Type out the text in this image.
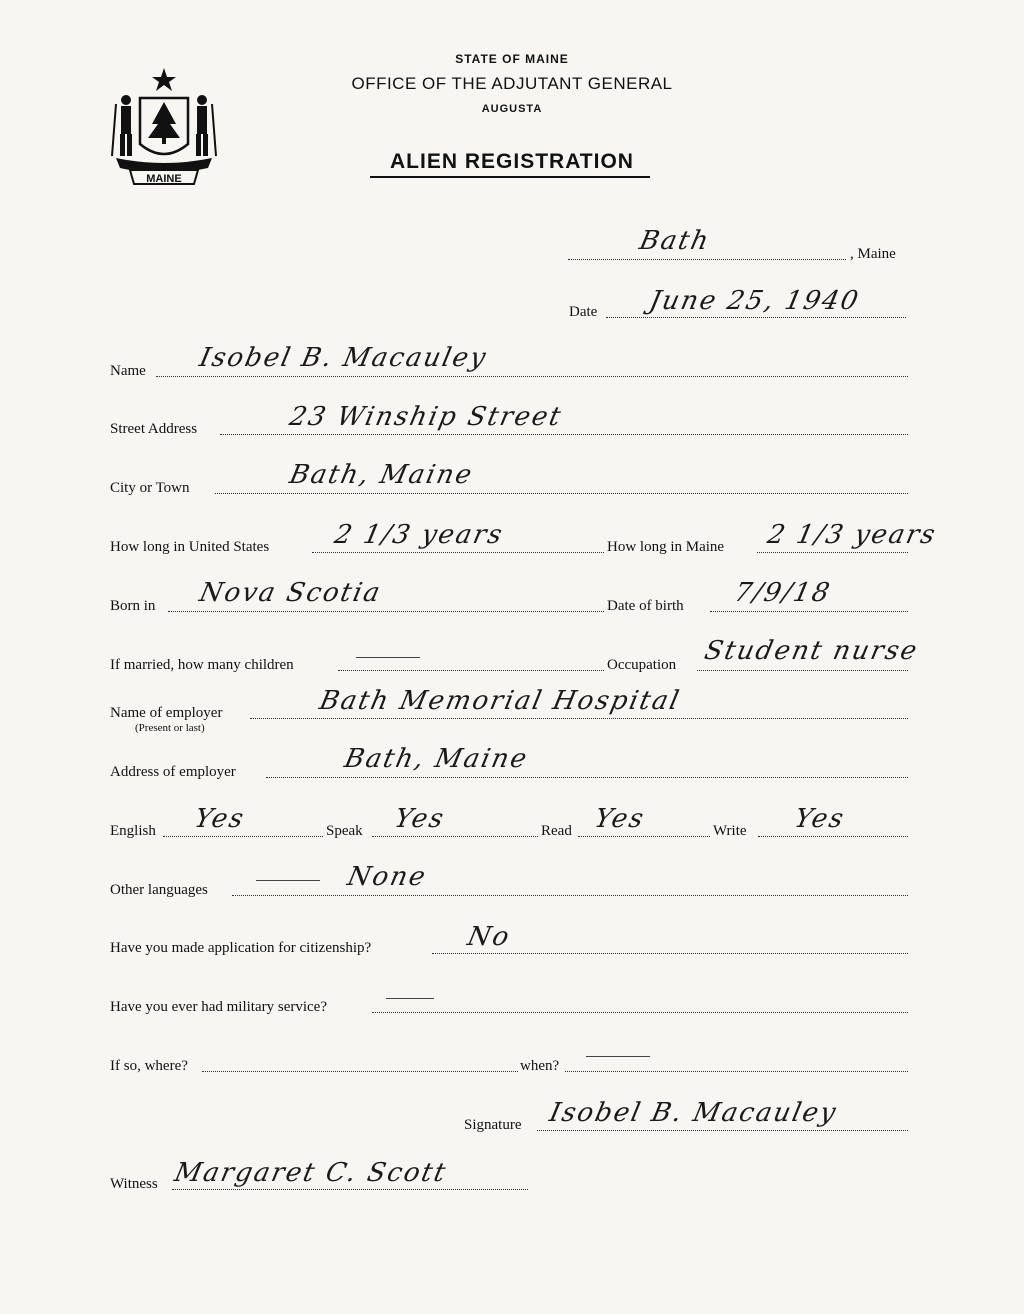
MAINE
STATE OF MAINE
OFFICE OF THE ADJUTANT GENERAL
AUGUSTA
ALIEN REGISTRATION
Bath	, Maine
Date June 25, 1940
Name Isobel B. Macauley
Street Address	23 Winship Street
City or Town	Bath, Maine
How long in United States 2 1/3 years	How long in Maine 2 1/3 years
Born in Nova Scotia	Date of birth 7/9/18
If married, how many children	Occupation Student nurse
Name of employer
(Present or last)
Bath Memorial Hospital
Address of employer	Bath, Maine
English Yes	Speak Yes	Read Yes	Write Yes
Other languages	None
Have you made application for citizenship?	No
Have you ever had military service?
If so, where?	when?
Signature Isobel B. Macauley
Witness Margaret C. Scott
